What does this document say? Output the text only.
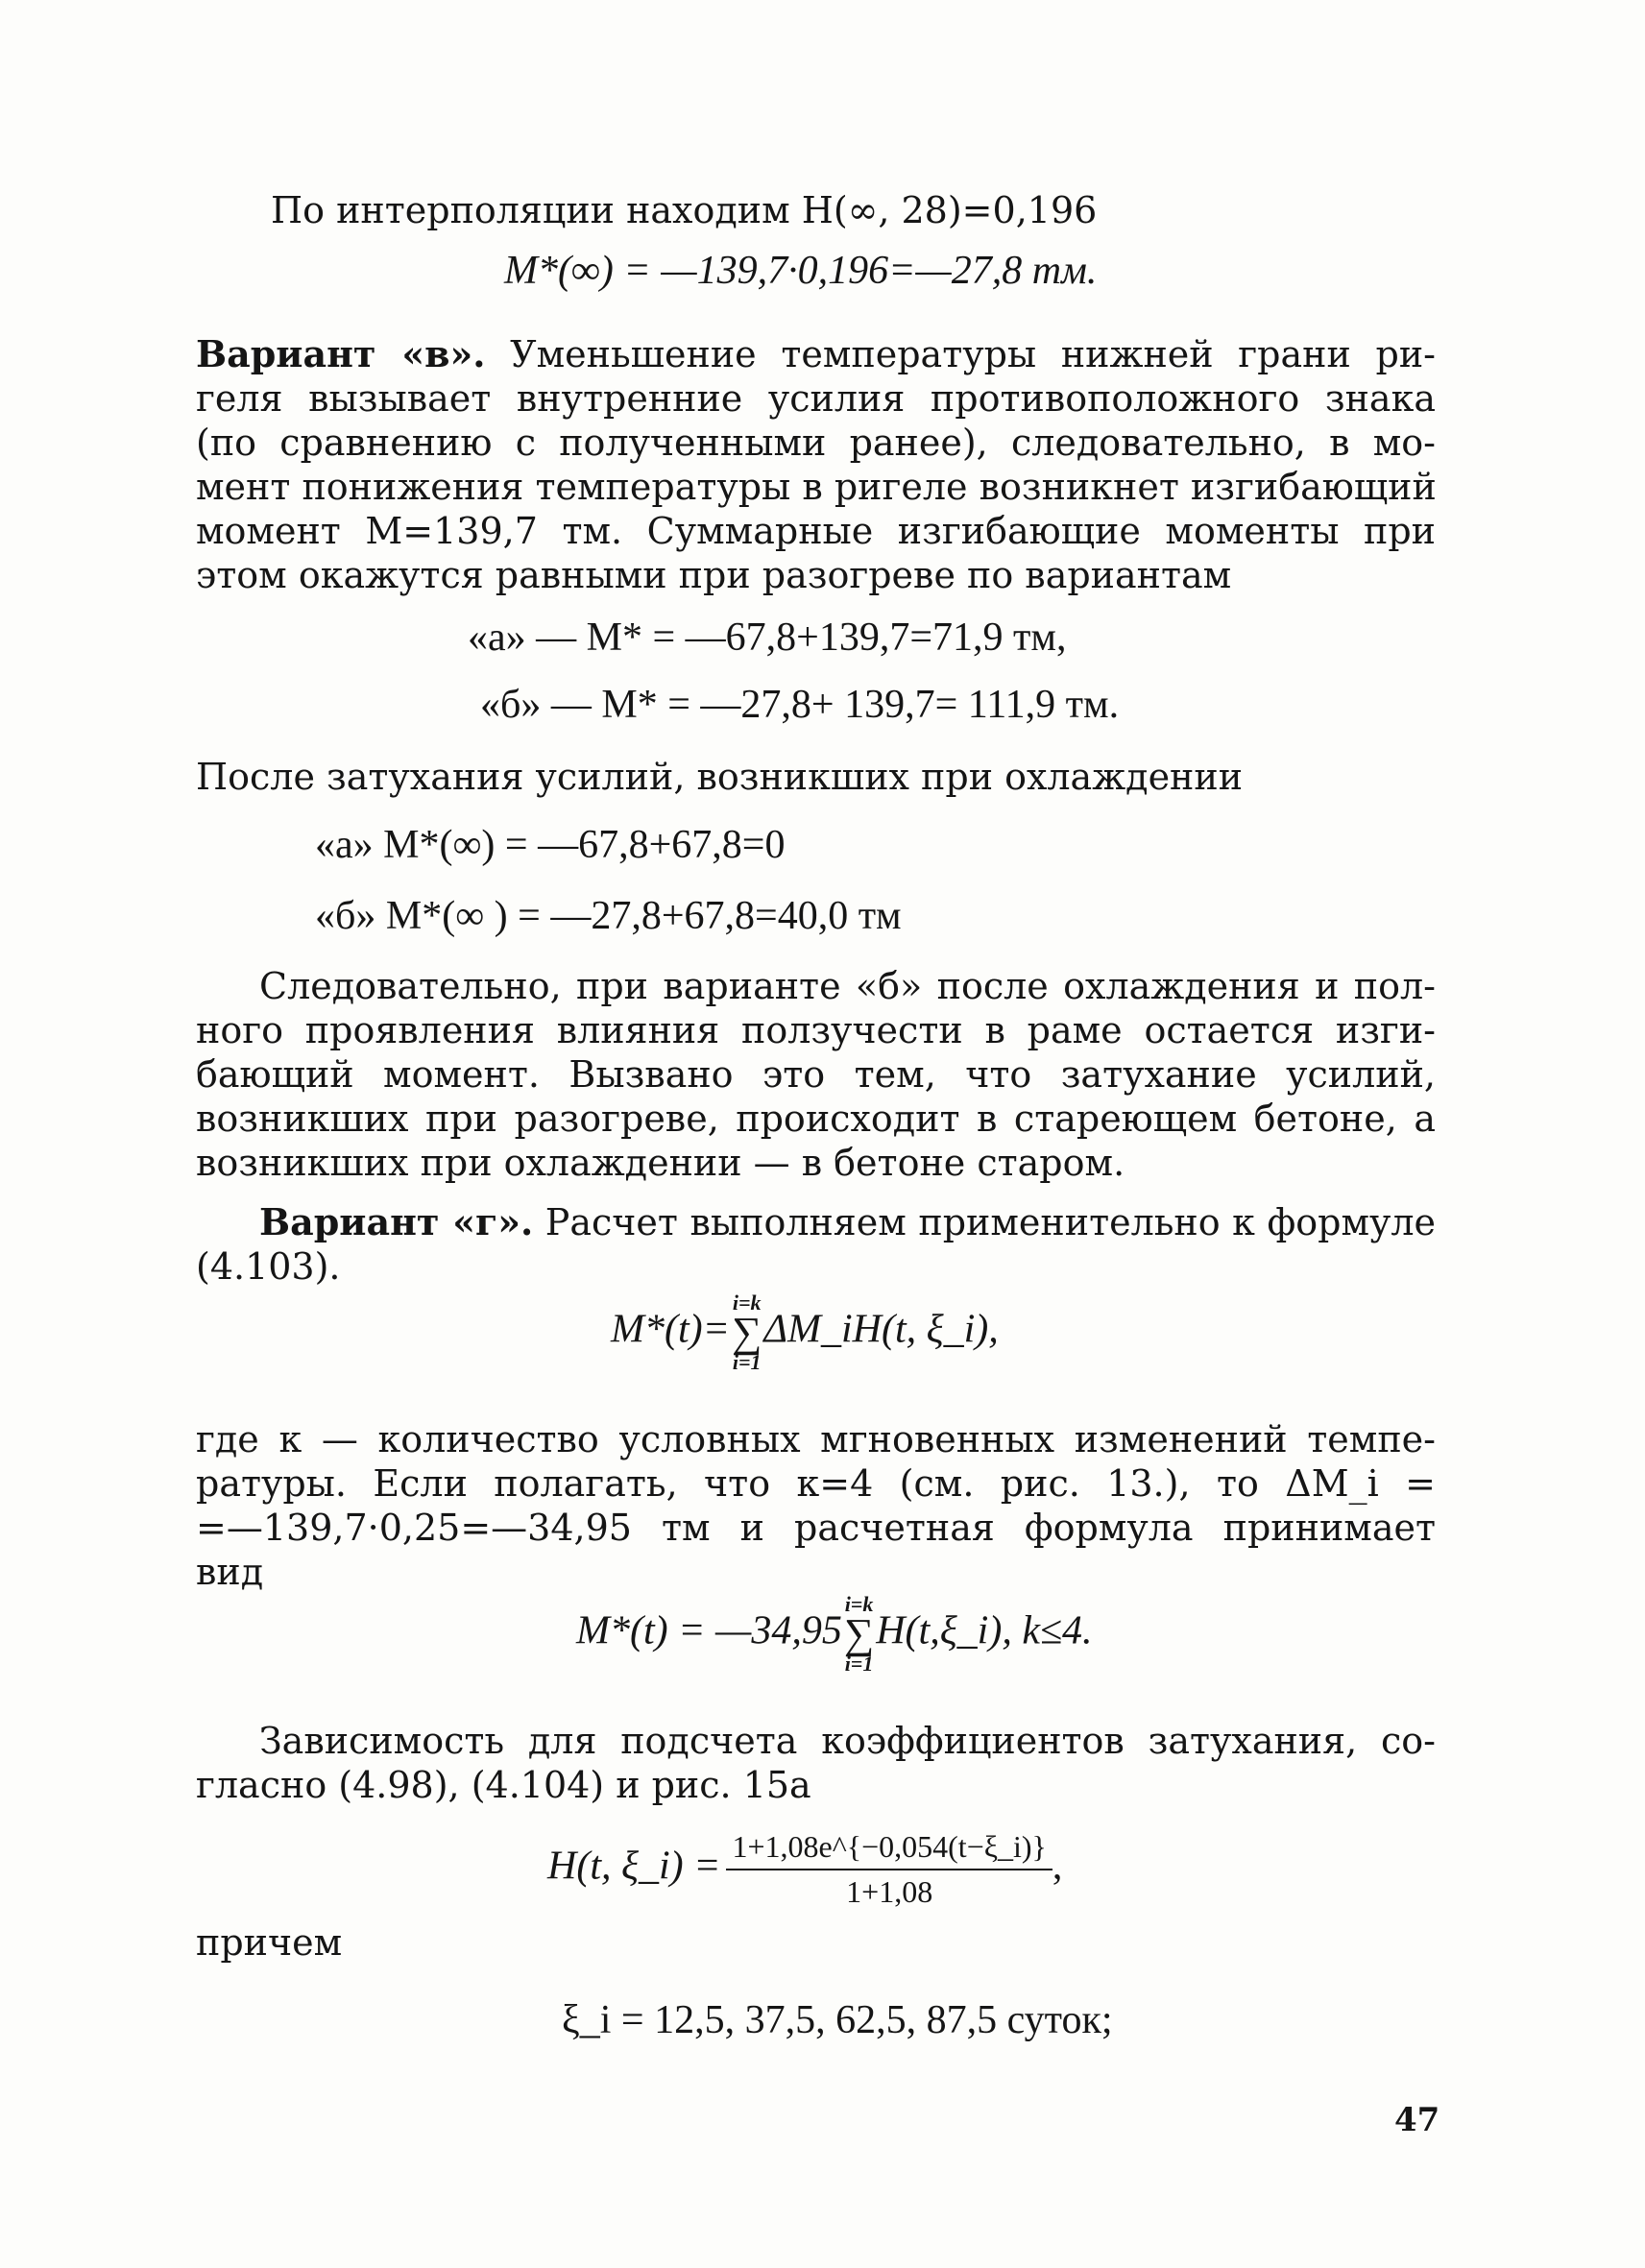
По интерполяции находим H(∞, 28)=0,196
M*(∞) = —139,7·0,196=—27,8 тм.
Вариант «в». Уменьшение температуры нижней грани ри-
геля вызывает внутренние усилия противоположного знака
(по сравнению с полученными ранее), следовательно, в мо-
мент понижения температуры в ригеле возникнет изгибающий
момент M=139,7 тм. Суммарные изгибающие моменты при
этом окажутся равными при разогреве по вариантам
«а» — M* = —67,8+139,7=71,9 тм,
«б» — M* = —27,8+ 139,7= 111,9 тм.
После затухания усилий, возникших при охлаждении
«а» M*(∞) = —67,8+67,8=0
«б» M*(∞ ) = —27,8+67,8=40,0 тм
Следовательно, при варианте «б» после охлаждения и пол-
ного проявления влияния ползучести в раме остается изги-
бающий момент. Вызвано это тем, что затухание усилий,
возникших при разогреве, происходит в стареющем бетоне, а
возникших при охлаждении — в бетоне старом.
Вариант «г». Расчет выполняем применительно к формуле
(4.103).
M*(t)=
i=k
∑
i=1
ΔM_iH(t, ξ_i),
где к — количество условных мгновенных изменений темпе-
ратуры. Если полагать, что к=4 (см. рис. 13.), то ΔM_i =
=—139,7·0,25=—34,95 тм и расчетная формула принимает
вид
M*(t) = —34,95
i=k
∑
i=1
H(t,ξ_i), k≤4.
Зависимость для подсчета коэффициентов затухания, со-
гласно (4.98), (4.104) и рис. 15а
H(t, ξ_i) = $\frac{1+1,08e\^{}\{-0,054(t-\xi\_i)\}}{1+1,08}$ ,
причем
ξ_i = 12,5, 37,5, 62,5, 87,5 суток;
47
